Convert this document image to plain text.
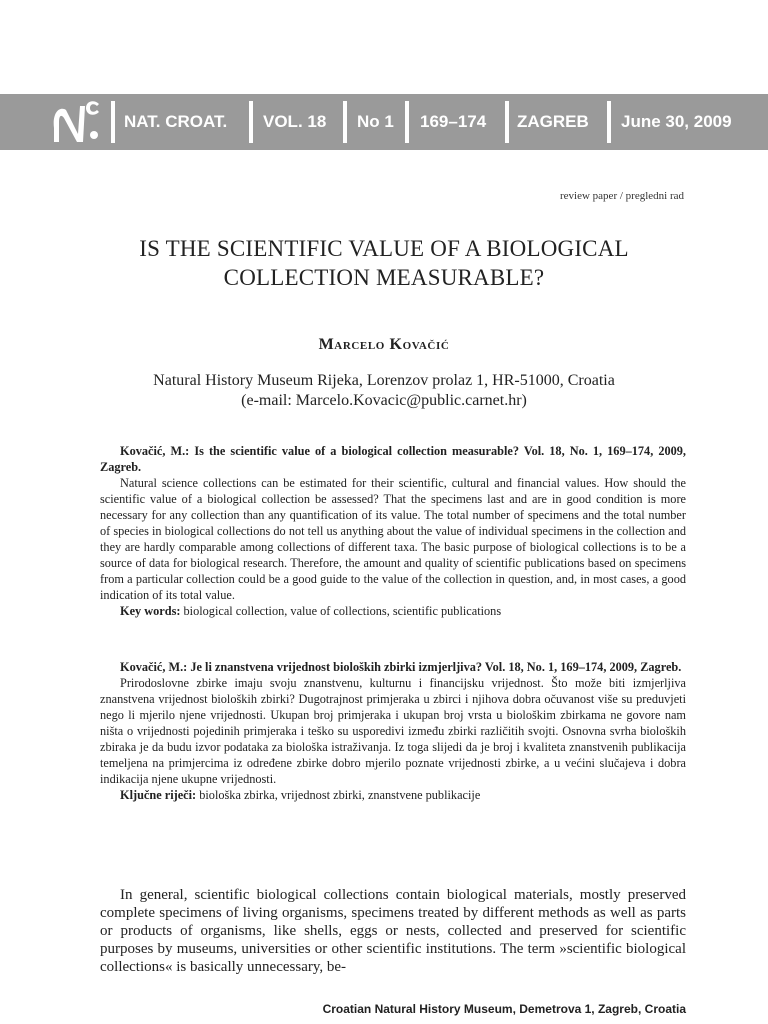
NAT. CROAT. VOL. 18 No 1 169–174 ZAGREB June 30, 2009
review paper / pregledni rad
IS THE SCIENTIFIC VALUE OF A BIOLOGICAL
COLLECTION MEASURABLE?
Marcelo Kovačić
Natural History Museum Rijeka, Lorenzov prolaz 1, HR-51000, Croatia
(e-mail: Marcelo.Kovacic@public.carnet.hr)

Kovačić, M.: Is the scientific value of a biological collection measurable? Vol. 18, No. 1, 169–174, 2009, Zagreb.

Natural science collections can be estimated for their scientific, cultural and financial values. How should the scientific value of a biological collection be assessed? That the specimens last and are in good condition is more necessary for any collection than any quantification of its value. The total number of specimens and the total number of species in biological collections do not tell us anything about the value of individual specimens in the collection and they are hardly comparable among collections of different taxa. The basic purpose of biological collections is to be a source of data for biological research. Therefore, the amount and quality of scientific publications based on specimens from a particular collection could be a good guide to the value of the collection in question, and, in most cases, a good indication of its total value.

Key words: biological collection, value of collections, scientific publications

Kovačić, M.: Je li znanstvena vrijednost bioloških zbirki izmjerljiva? Vol. 18, No. 1, 169–174, 2009, Zagreb.

Prirodoslovne zbirke imaju svoju znanstvenu, kulturnu i financijsku vrijednost. Što može biti izmjerljiva znanstvena vrijednost bioloških zbirki? Dugotrajnost primjeraka u zbirci i njihova dobra očuvanost više su preduvjeti nego li mjerilo njene vrijednosti. Ukupan broj primjeraka i ukupan broj vrsta u biološkim zbirkama ne govore nam ništa o vrijednosti pojedinih primjeraka i teško su usporedivi između zbirki različitih svojti. Osnovna svrha bioloških zbiraka je da budu izvor podataka za biološka istraživanja. Iz toga slijedi da je broj i kvaliteta znanstvenih publikacija temeljena na primjercima iz određene zbirke dobro mjerilo poznate vrijednosti zbirke, a u većini slučajeva i dobra indikacija njene ukupne vrijednosti.

Ključne riječi: biološka zbirka, vrijednost zbirki, znanstvene publikacije

In general, scientific biological collections contain biological materials, mostly preserved complete specimens of living organisms, specimens treated by different methods as well as parts or products of organisms, like shells, eggs or nests, collected and preserved for scientific purposes by museums, universities or other scientific institutions. The term »scientific biological collections« is basically unnecessary, be-

Croatian Natural History Museum, Demetrova 1, Zagreb, Croatia
